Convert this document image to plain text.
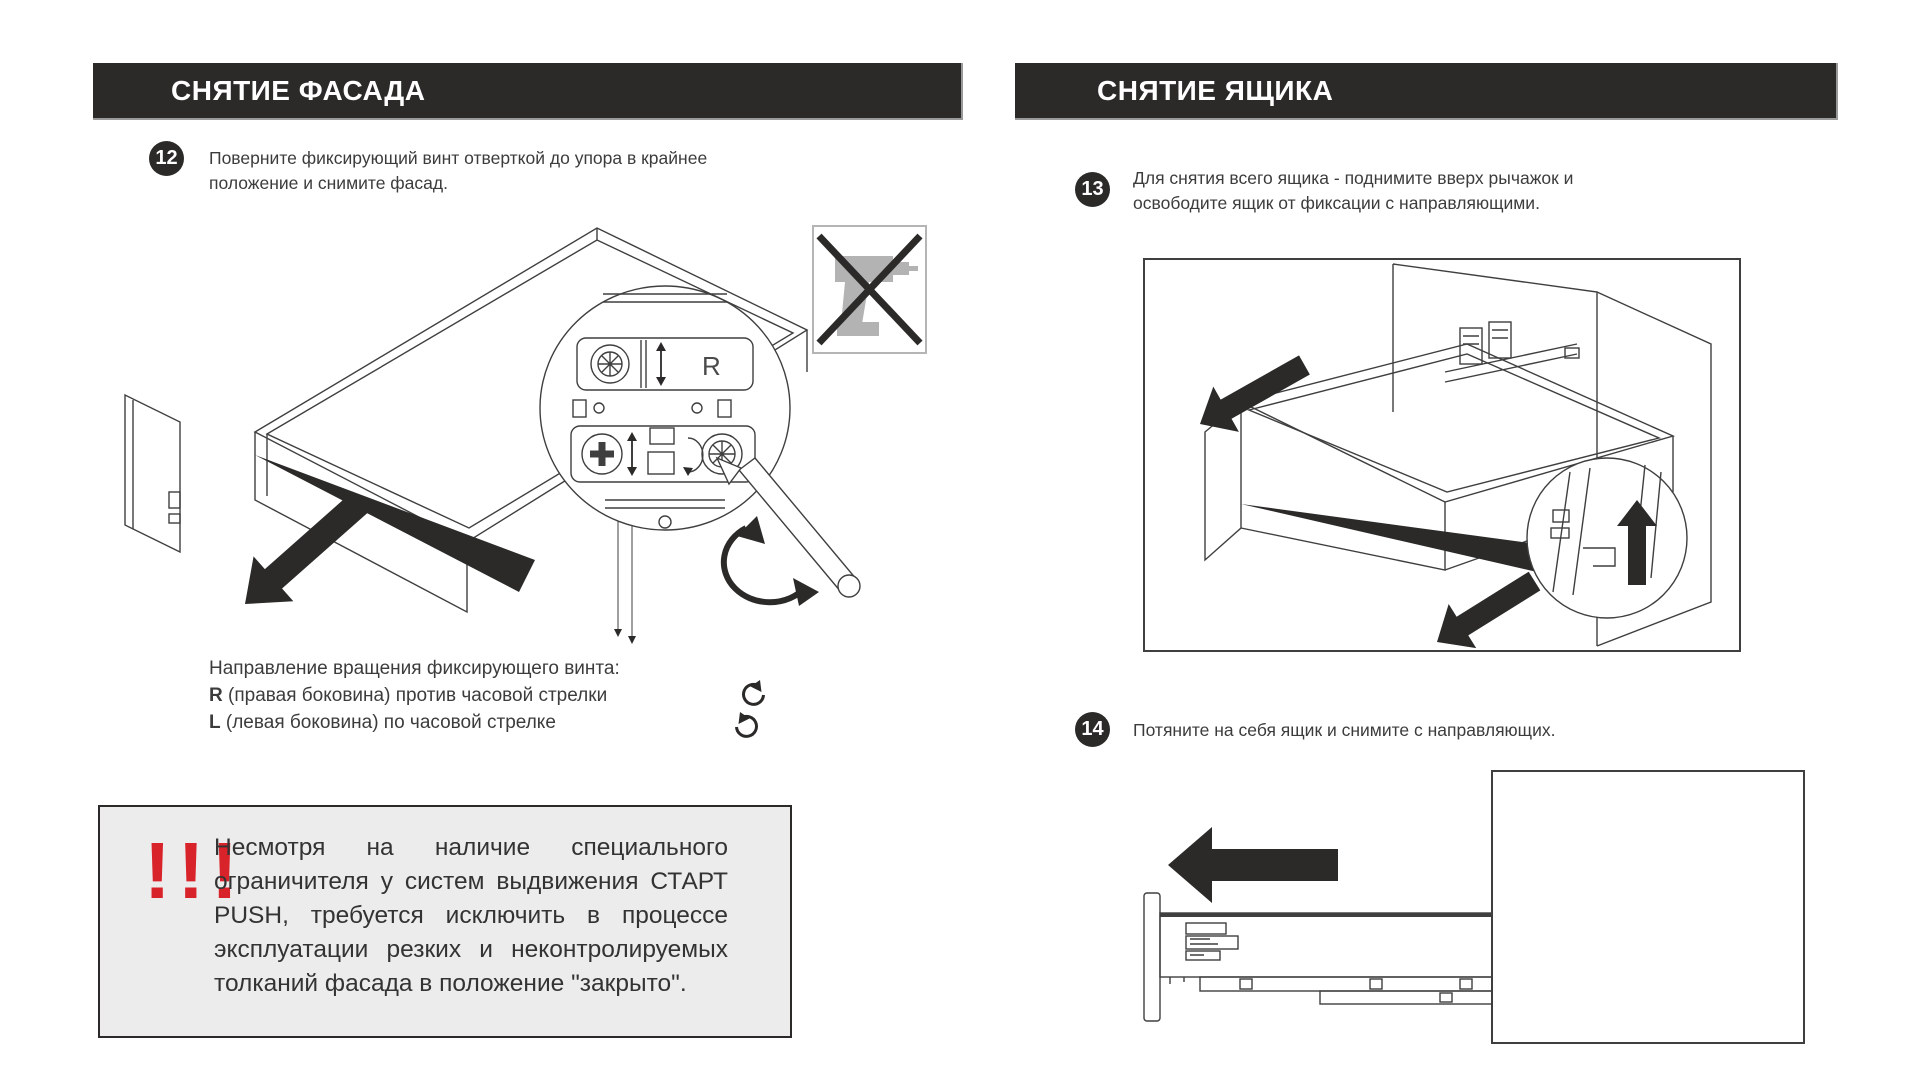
СНЯТИЕ ФАСАДА	СНЯТИЕ ЯЩИКА
12	Поверните фиксирующий винт отверткой до упора в крайнее положение и снимите фасад.
R
Направление вращения фиксирующего винта:
R (правая боковина) против часовой стрелки
L (левая боковина) по часовой стрелке
!!!
Несмотря на наличие специального ограничителя у систем выдвижения СТАРТ PUSH, требуется исключить в процессе эксплуатации резких и неконтролируемых толканий фасада в положение "закрыто".
13	Для снятия всего ящика - поднимите вверх рычажок и освободите ящик от фиксации с направляющими.
14	Потяните на себя ящик и снимите с направляющих.
